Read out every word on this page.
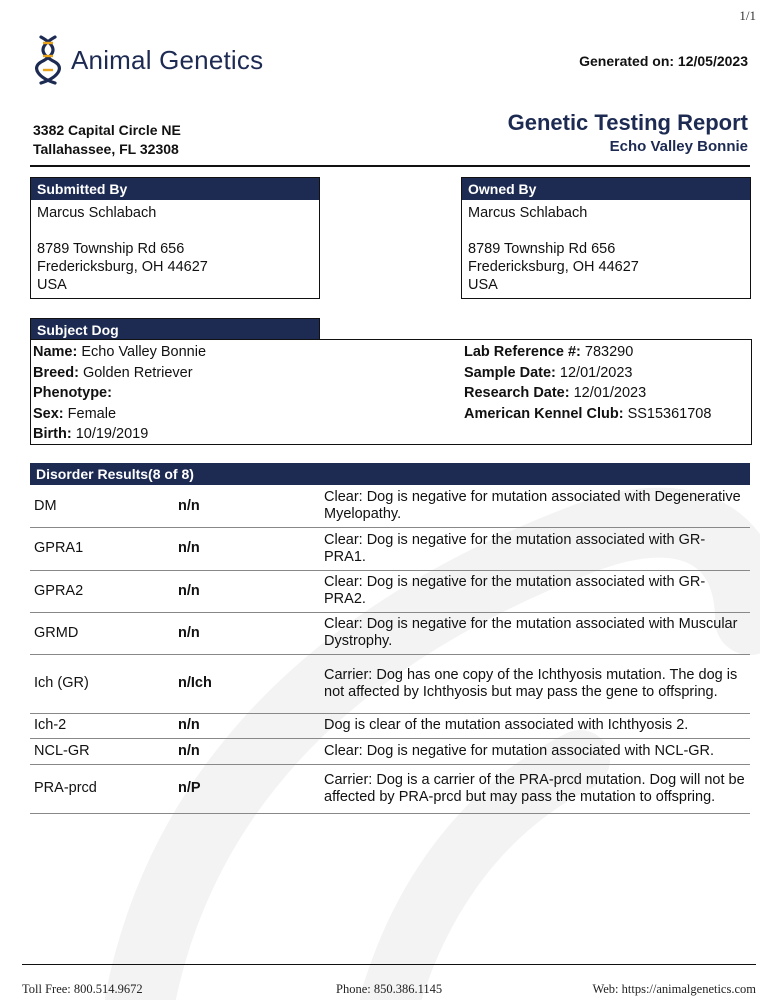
1/1
Animal Genetics	Generated on: 12/05/2023
3382 Capital Circle NE
Tallahassee, FL 32308
Genetic Testing Report
Echo Valley Bonnie
Submitted By
Marcus Schlabach
8789 Township Rd 656
Fredericksburg, OH 44627
USA
Owned By
Marcus Schlabach
8789 Township Rd 656
Fredericksburg, OH 44627
USA
Subject Dog
Name: Echo Valley Bonnie
Breed: Golden Retriever
Phenotype:
Sex: Female
Birth: 10/19/2019
Lab Reference #: 783290
Sample Date: 12/01/2023
Research Date: 12/01/2023
American Kennel Club: SS15361708
Disorder Results(8 of 8)
DM	n/n	Clear: Dog is negative for mutation associated with Degenerative Myelopathy.
GPRA1	n/n	Clear: Dog is negative for the mutation associated with GR-PRA1.
GPRA2	n/n	Clear: Dog is negative for the mutation associated with GR-PRA2.
GRMD	n/n	Clear: Dog is negative for the mutation associated with Muscular Dystrophy.
Ich (GR)	n/Ich	Carrier: Dog has one copy of the Ichthyosis mutation. The dog is not affected by Ichthyosis but may pass the gene to offspring.
Ich-2	n/n	Dog is clear of the mutation associated with Ichthyosis 2.
NCL-GR	n/n	Clear: Dog is negative for mutation associated with NCL-GR.
PRA-prcd	n/P	Carrier: Dog is a carrier of the PRA-prcd mutation. Dog will not be affected by PRA-prcd but may pass the mutation to offspring.
Toll Free: 800.514.9672	Phone: 850.386.1145	Web: https://animalgenetics.com
